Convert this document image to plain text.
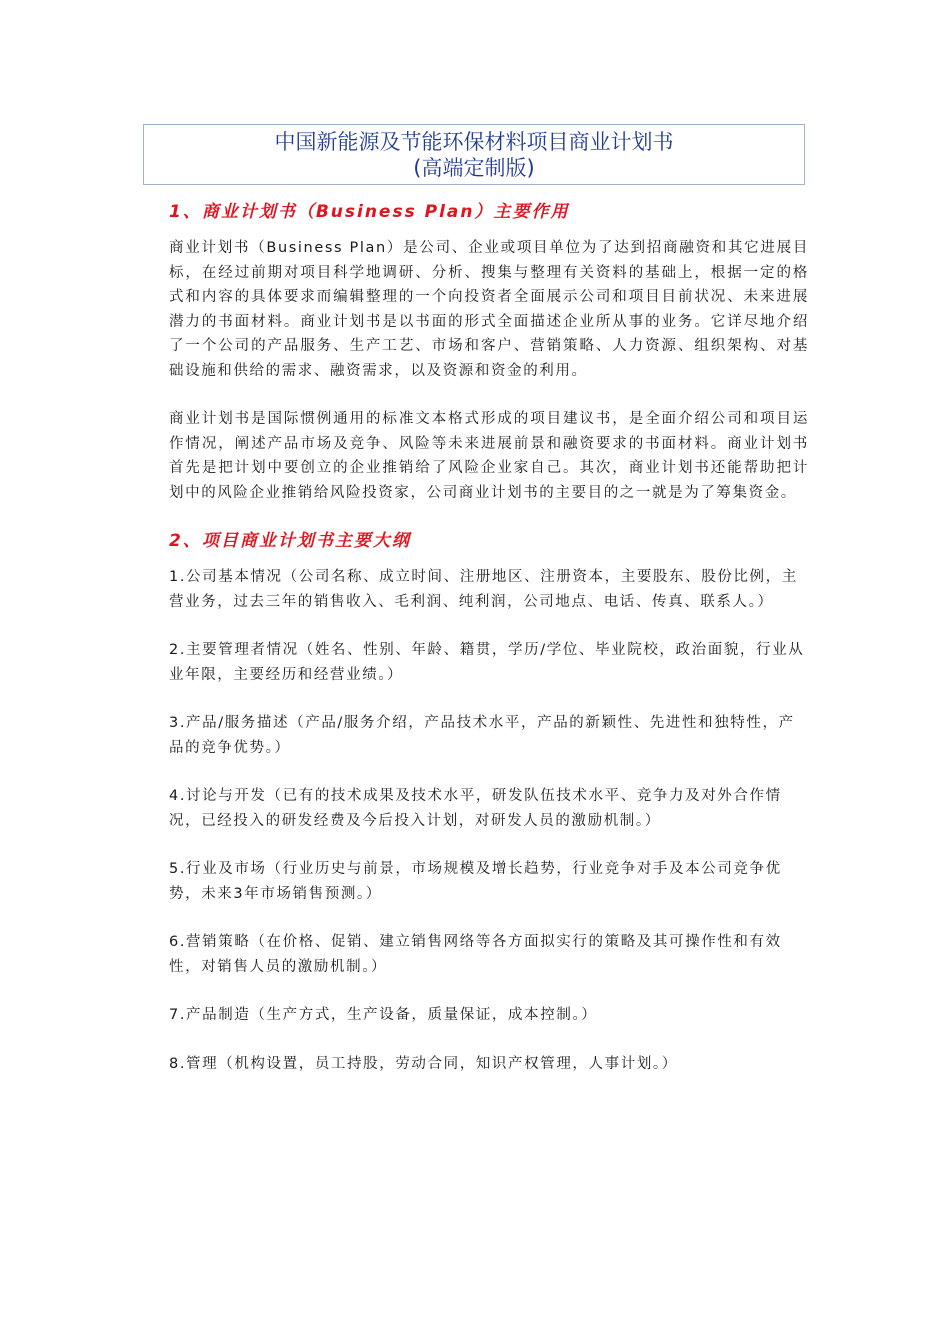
中国新能源及节能环保材料项目商业计划书
(高端定制版)
1、商业计划书（Business Plan）主要作用

商业计划书（Business Plan）是公司、企业或项目单位为了达到招商融资和其它进展目标，在经过前期对项目科学地调研、分析、搜集与整理有关资料的基础上，根据一定的格式和内容的具体要求而编辑整理的一个向投资者全面展示公司和项目目前状况、未来进展潜力的书面材料。商业计划书是以书面的形式全面描述企业所从事的业务。它详尽地介绍了一个公司的产品服务、生产工艺、市场和客户、营销策略、人力资源、组织架构、对基础设施和供给的需求、融资需求，以及资源和资金的利用。

商业计划书是国际惯例通用的标准文本格式形成的项目建议书，是全面介绍公司和项目运作情况，阐述产品市场及竞争、风险等未来进展前景和融资要求的书面材料。商业计划书首先是把计划中要创立的企业推销给了风险企业家自己。其次，商业计划书还能帮助把计划中的风险企业推销给风险投资家，公司商业计划书的主要目的之一就是为了筹集资金。

2、项目商业计划书主要大纲

1.公司基本情况（公司名称、成立时间、注册地区、注册资本，主要股东、股份比例，主营业务，过去三年的销售收入、毛利润、纯利润，公司地点、电话、传真、联系人。）

2.主要管理者情况（姓名、性别、年龄、籍贯，学历/学位、毕业院校，政治面貌，行业从业年限，主要经历和经营业绩。）

3.产品/服务描述（产品/服务介绍，产品技术水平，产品的新颖性、先进性和独特性，产品的竞争优势。）

4.讨论与开发（已有的技术成果及技术水平，研发队伍技术水平、竞争力及对外合作情况，已经投入的研发经费及今后投入计划，对研发人员的激励机制。）

5.行业及市场（行业历史与前景，市场规模及增长趋势，行业竞争对手及本公司竞争优势，未来3年市场销售预测。）

6.营销策略（在价格、促销、建立销售网络等各方面拟实行的策略及其可操作性和有效性，对销售人员的激励机制。）

7.产品制造（生产方式，生产设备，质量保证，成本控制。）

8.管理（机构设置，员工持股，劳动合同，知识产权管理，人事计划。）
